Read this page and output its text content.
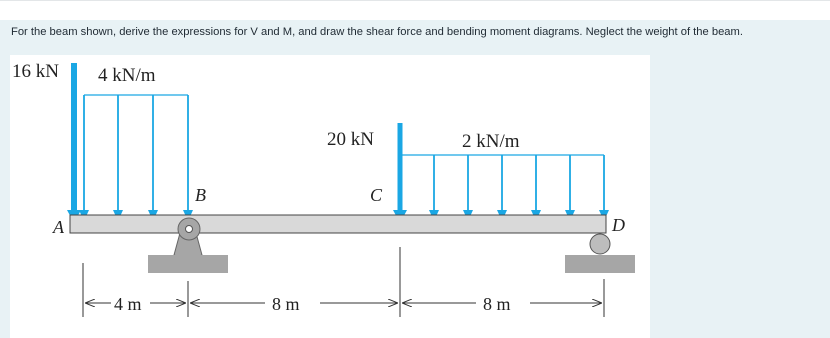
For the beam shown, derive the expressions for V and M, and draw the shear force and bending moment diagrams. Neglect the weight of the beam.
16 kN 4 kN/m
20 kN	2 kN/m
A
B	C
D
4 m	8 m	8 m
